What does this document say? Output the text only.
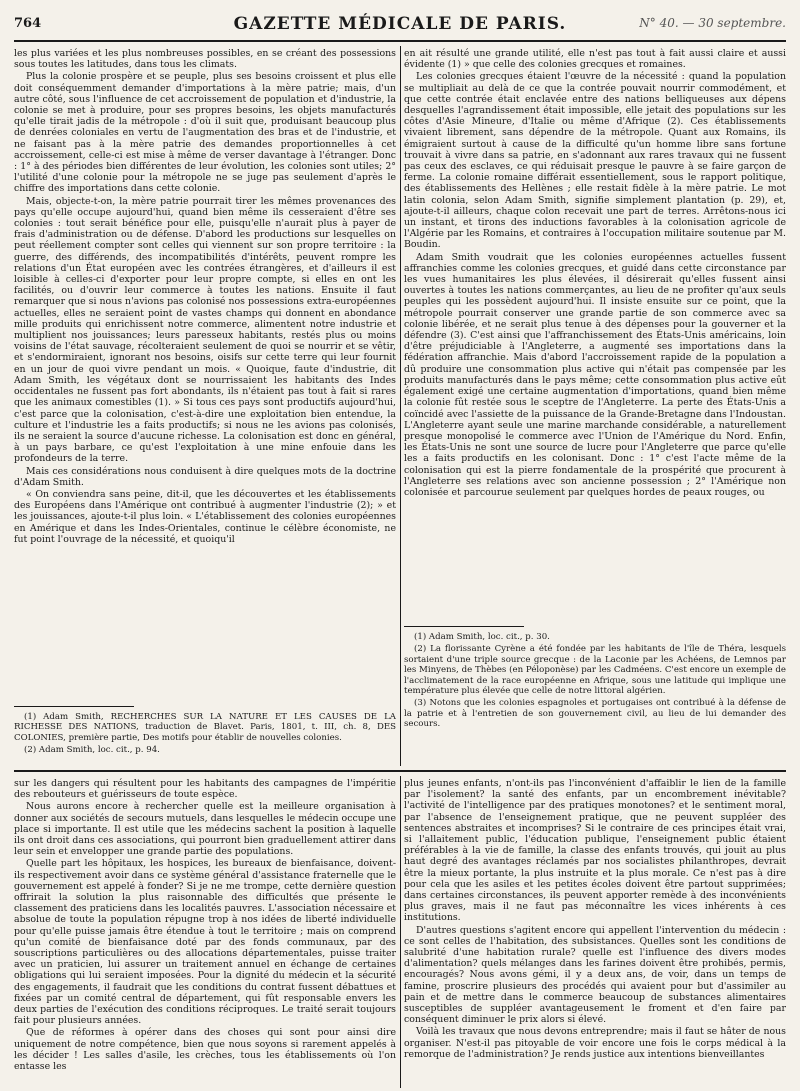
764	GAZETTE MÉDICALE DE PARIS.	N° 40. — 30 septembre.

les plus variées et les plus nombreuses possibles, en se créant des possessions sous toutes les latitudes, dans tous les climats.

Plus la colonie prospère et se peuple, plus ses besoins croissent et plus elle doit conséquemment demander d'importations à la mère patrie; mais, d'un autre côté, sous l'influence de cet accroissement de population et d'industrie, la colonie se met à produire, pour ses propres besoins, les objets manufacturés qu'elle tirait jadis de la métropole : d'où il suit que, produisant beaucoup plus de denrées coloniales en vertu de l'augmentation des bras et de l'industrie, et ne faisant pas à la mère patrie des demandes proportionnelles à cet accroissement, celle-ci est mise à même de verser davantage à l'étranger. Donc : 1° à des périodes bien différentes de leur évolution, les colonies sont utiles; 2° l'utilité d'une colonie pour la métropole ne se juge pas seulement d'après le chiffre des importations dans cette colonie.

Mais, objecte-t-on, la mère patrie pourrait tirer les mêmes provenances des pays qu'elle occupe aujourd'hui, quand bien même ils cesseraient d'être ses colonies : tout serait bénéfice pour elle, puisqu'elle n'aurait plus à payer de frais d'administration ou de défense. D'abord les productions sur lesquelles on peut réellement compter sont celles qui viennent sur son propre territoire : la guerre, des différends, des incompatibilités d'intérêts, peuvent rompre les relations d'un État européen avec les contrées étrangères, et d'ailleurs il est loisible à celles-ci d'exporter pour leur propre compte, si elles en ont les facilités, ou d'ouvrir leur commerce à toutes les nations. Ensuite il faut remarquer que si nous n'avions pas colonisé nos possessions extra-européennes actuelles, elles ne seraient point de vastes champs qui donnent en abondance mille produits qui enrichissent notre commerce, alimentent notre industrie et multiplient nos jouissances; leurs paresseux habitants, restés plus ou moins voisins de l'état sauvage, récolteraient seulement de quoi se nourrir et se vêtir, et s'endormiraient, ignorant nos besoins, oisifs sur cette terre qui leur fournit en un jour de quoi vivre pendant un mois. « Quoique, faute d'industrie, dit Adam Smith, les végétaux dont se nourrissaient les habitants des Indes occidentales ne fussent pas fort abondants, ils n'étaient pas tout à fait si rares que les animaux comestibles (1). » Si tous ces pays sont productifs aujourd'hui, c'est parce que la colonisation, c'est-à-dire une exploitation bien entendue, la culture et l'industrie les a faits productifs; si nous ne les avions pas colonisés, ils ne seraient la source d'aucune richesse. La colonisation est donc en général, à un pays barbare, ce qu'est l'exploitation à une mine enfouie dans les profondeurs de la terre.

Mais ces considérations nous conduisent à dire quelques mots de la doctrine d'Adam Smith.

« On conviendra sans peine, dit-il, que les découvertes et les établissements des Européens dans l'Amérique ont contribué à augmenter l'industrie (2); » et les jouissances, ajoute-t-il plus loin. « L'établissement des colonies européennes en Amérique et dans les Indes-Orientales, continue le célèbre économiste, ne fut point l'ouvrage de la nécessité, et quoiqu'il

en ait résulté une grande utilité, elle n'est pas tout à fait aussi claire et aussi évidente (1) » que celle des colonies grecques et romaines.

Les colonies grecques étaient l'œuvre de la nécessité : quand la population se multipliait au delà de ce que la contrée pouvait nourrir commodément, et que cette contrée était enclavée entre des nations belliqueuses aux dépens desquelles l'agrandissement était impossible, elle jetait des populations sur les côtes d'Asie Mineure, d'Italie ou même d'Afrique (2). Ces établissements vivaient librement, sans dépendre de la métropole. Quant aux Romains, ils émigraient surtout à cause de la difficulté qu'un homme libre sans fortune trouvait à vivre dans sa patrie, en s'adonnant aux rares travaux qui ne fussent pas ceux des esclaves, ce qui réduisait presque le pauvre à se faire garçon de ferme. La colonie romaine différait essentiellement, sous le rapport politique, des établissements des Hellènes ; elle restait fidèle à la mère patrie. Le mot latin colonia, selon Adam Smith, signifie simplement plantation (p. 29), et, ajoute-t-il ailleurs, chaque colon recevait une part de terres. Arrêtons-nous ici un instant, et tirons des inductions favorables à la colonisation agricole de l'Algérie par les Romains, et contraires à l'occupation militaire soutenue par M. Boudin.

Adam Smith voudrait que les colonies européennes actuelles fussent affranchies comme les colonies grecques, et guidé dans cette circonstance par les vues humanitaires les plus élevées, il désirerait qu'elles fussent ainsi ouvertes à toutes les nations commerçantes, au lieu de ne profiter qu'aux seuls peuples qui les possèdent aujourd'hui. Il insiste ensuite sur ce point, que la métropole pourrait conserver une grande partie de son commerce avec sa colonie libérée, et ne serait plus tenue à des dépenses pour la gouverner et la défendre (3). C'est ainsi que l'affranchissement des États-Unis américains, loin d'être préjudiciable à l'Angleterre, a augmenté ses importations dans la fédération affranchie. Mais d'abord l'accroissement rapide de la population a dû produire une consommation plus active qui n'était pas compensée par les produits manufacturés dans le pays même; cette consommation plus active eût également exigé une certaine augmentation d'importations, quand bien même la colonie fût restée sous le sceptre de l'Angleterre. La perte des États-Unis a coïncidé avec l'assiette de la puissance de la Grande-Bretagne dans l'Indoustan. L'Angleterre ayant seule une marine marchande considérable, a naturellement presque monopolisé le commerce avec l'Union de l'Amérique du Nord. Enfin, les États-Unis ne sont une source de lucre pour l'Angleterre que parce qu'elle les a faits productifs en les colonisant. Donc : 1° c'est l'acte même de la colonisation qui est la pierre fondamentale de la prospérité que procurent à l'Angleterre ses relations avec son ancienne possession ; 2° l'Amérique non colonisée et parcourue seulement par quelques hordes de peaux rouges, ou

(1) Adam Smith, RECHERCHES SUR LA NATURE ET LES CAUSES DE LA RICHESSE DES NATIONS, traduction de Blavet. Paris, 1801, t. III, ch. 8, DES COLONIES, première partie, Des motifs pour établir de nouvelles colonies.

(2) Adam Smith, loc. cit., p. 94.

(1) Adam Smith, loc. cit., p. 30.

(2) La florissante Cyrène a été fondée par les habitants de l'île de Théra, lesquels sortaient d'une triple source grecque : de la Laconie par les Achéens, de Lemnos par les Minyens, de Thèbes (en Péloponèse) par les Cadméens. C'est encore un exemple de l'acclimatement de la race européenne en Afrique, sous une latitude qui implique une température plus élevée que celle de notre littoral algérien.

(3) Notons que les colonies espagnoles et portugaises ont contribué à la défense de la patrie et à l'entretien de son gouvernement civil, au lieu de lui demander des secours.

sur les dangers qui résultent pour les habitants des campagnes de l'impéritie des rebouteurs et guérisseurs de toute espèce.

Nous aurons encore à rechercher quelle est la meilleure organisation à donner aux sociétés de secours mutuels, dans lesquelles le médecin occupe une place si importante. Il est utile que les médecins sachent la position à laquelle ils ont droit dans ces associations, qui pourront bien graduellement attirer dans leur sein et envelopper une grande partie des populations.

Quelle part les hôpitaux, les hospices, les bureaux de bienfaisance, doivent-ils respectivement avoir dans ce système général d'assistance fraternelle que le gouvernement est appelé à fonder? Si je ne me trompe, cette dernière question offrirait la solution la plus raisonnable des difficultés que présente le classement des praticiens dans les localités pauvres. L'association nécessaire et absolue de toute la population répugne trop à nos idées de liberté individuelle pour qu'elle puisse jamais être étendue à tout le territoire ; mais on comprend qu'un comité de bienfaisance doté par des fonds communaux, par des souscriptions particulières ou des allocations départementales, puisse traiter avec un praticien, lui assurer un traitement annuel en échange de certaines obligations qui lui seraient imposées. Pour la dignité du médecin et la sécurité des engagements, il faudrait que les conditions du contrat fussent débattues et fixées par un comité central de département, qui fût responsable envers les deux parties de l'exécution des conditions réciproques. Le traité serait toujours fait pour plusieurs années.

Que de réformes à opérer dans des choses qui sont pour ainsi dire uniquement de notre compétence, bien que nous soyons si rarement appelés à les décider ! Les salles d'asile, les crèches, tous les établissements où l'on entasse les

plus jeunes enfants, n'ont-ils pas l'inconvénient d'affaiblir le lien de la famille par l'isolement? la santé des enfants, par un encombrement inévitable? l'activité de l'intelligence par des pratiques monotones? et le sentiment moral, par l'absence de l'enseignement pratique, que ne peuvent suppléer des sentences abstraites et incomprises? Si le contraire de ces principes était vrai, si l'allaitement public, l'éducation publique, l'enseignement public étaient préférables à la vie de famille, la classe des enfants trouvés, qui jouit au plus haut degré des avantages réclamés par nos socialistes philanthropes, devrait être la mieux portante, la plus instruite et la plus morale. Ce n'est pas à dire pour cela que les asiles et les petites écoles doivent être partout supprimées; dans certaines circonstances, ils peuvent apporter remède à des inconvénients plus graves, mais il ne faut pas méconnaître les vices inhérents à ces institutions.

D'autres questions s'agitent encore qui appellent l'intervention du médecin : ce sont celles de l'habitation, des subsistances. Quelles sont les conditions de salubrité d'une habitation rurale? quelle est l'influence des divers modes d'alimentation? quels mélanges dans les farines doivent être prohibés, permis, encouragés? Nous avons gémi, il y a deux ans, de voir, dans un temps de famine, proscrire plusieurs des procédés qui avaient pour but d'assimiler au pain et de mettre dans le commerce beaucoup de substances alimentaires susceptibles de suppléer avantageusement le froment et d'en faire par conséquent diminuer le prix alors si élevé.

Voilà les travaux que nous devons entreprendre; mais il faut se hâter de nous organiser. N'est-il pas pitoyable de voir encore une fois le corps médical à la remorque de l'administration? Je rends justice aux intentions bienveillantes
